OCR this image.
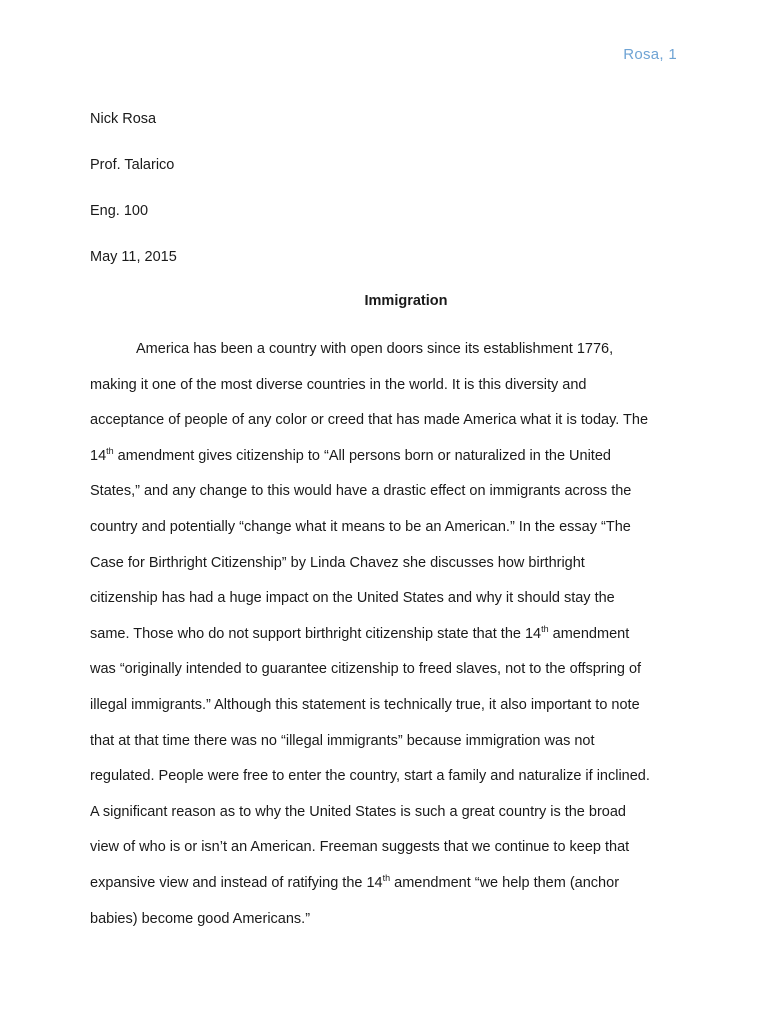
Rosa, 1
Nick Rosa
Prof. Talarico
Eng. 100
May 11, 2015
Immigration
America has been a country with open doors since its establishment 1776,
making it one of the most diverse countries in the world. It is this diversity and
acceptance of people of any color or creed that has made America what it is today. The
14th amendment gives citizenship to “All persons born or naturalized in the United
States,” and any change to this would have a drastic effect on immigrants across the
country and potentially “change what it means to be an American.” In the essay “The
Case for Birthright Citizenship” by Linda Chavez she discusses how birthright
citizenship has had a huge impact on the United States and why it should stay the
same. Those who do not support birthright citizenship state that the 14th amendment
was “originally intended to guarantee citizenship to freed slaves, not to the offspring of
illegal immigrants.” Although this statement is technically true, it also important to note
that at that time there was no “illegal immigrants” because immigration was not
regulated. People were free to enter the country, start a family and naturalize if inclined.
A significant reason as to why the United States is such a great country is the broad
view of who is or isn’t an American. Freeman suggests that we continue to keep that
expansive view and instead of ratifying the 14th amendment “we help them (anchor
babies) become good Americans.”
